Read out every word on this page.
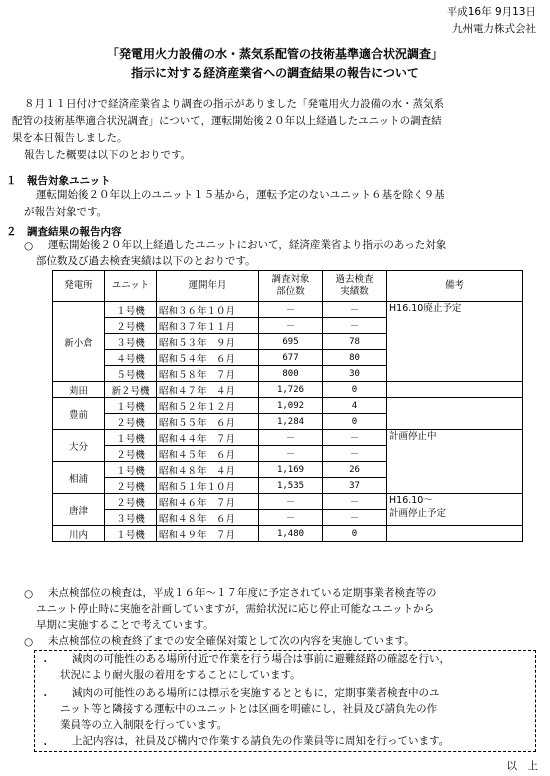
平成16年 9月13日
九州電力株式会社
「発電用火力設備の水・蒸気系配管の技術基準適合状況調査」
指示に対する経済産業省への調査結果の報告について
８月１１日付けで経済産業省より調査の指示がありました「発電用火力設備の水・蒸気系
配管の技術基準適合状況調査」について，運転開始後２０年以上経過したユニットの調査結
果を本日報告しました。
報告した概要は以下のとおりです。
１　報告対象ユニット
運転開始後２０年以上のユニット１５基から，運転予定のないユニット６基を除く９基
が報告対象です。
２　調査結果の報告内容
○ 運転開始後２０年以上経過したユニットにおいて，経済産業省より指示のあった対象
部位数及び過去検査実績は以下のとおりです。
発電所	ユニット	運開年月	調査対象
部位数	過去検査
実績数	備考
新小倉	１号機	昭和３６年１０月	－	－	H16.10廃止予定
	２号機	昭和３７年１１月	－	－	
	３号機	昭和５３年　９月	695	78	
	４号機	昭和５４年　６月	677	80	
	５号機	昭和５８年　７月	800	30	
苅田	新２号機	昭和４７年　４月	1,726	0	
豊前	１号機	昭和５２年１２月	1,092	4	
	２号機	昭和５５年　６月	1,284	0	
大分	１号機	昭和４４年　７月	－	－	計画停止中
	２号機	昭和４５年　６月	－	－	
相浦	１号機	昭和４８年　４月	1,169	26	
	２号機	昭和５１年１０月	1,535	37	
唐津	２号機	昭和４６年　７月	－	－	H16.10～
計画停止予定
	３号機	昭和４８年　６月	－	－	
川内	１号機	昭和４９年　７月	1,480	0	
○ 未点検部位の検査は，平成１６年～１７年度に予定されている定期事業者検査等の
ユニット停止時に実施を計画していますが，需給状況に応じ停止可能なユニットから
早期に実施することで考えています。
○ 未点検部位の検査終了までの安全確保対策として次の内容を実施しています。
・ 減肉の可能性のある場所付近で作業を行う場合は事前に避難経路の確認を行い，
状況により耐火服の着用をすることにしています。
・ 減肉の可能性のある場所には標示を実施するとともに，定期事業者検査中のユ
ニット等と隣接する運転中のユニットとは区画を明確にし，社員及び請負先の作
業員等の立入制限を行っています。
・ 上記内容は，社員及び構内で作業する請負先の作業員等に周知を行っています。
以　上
